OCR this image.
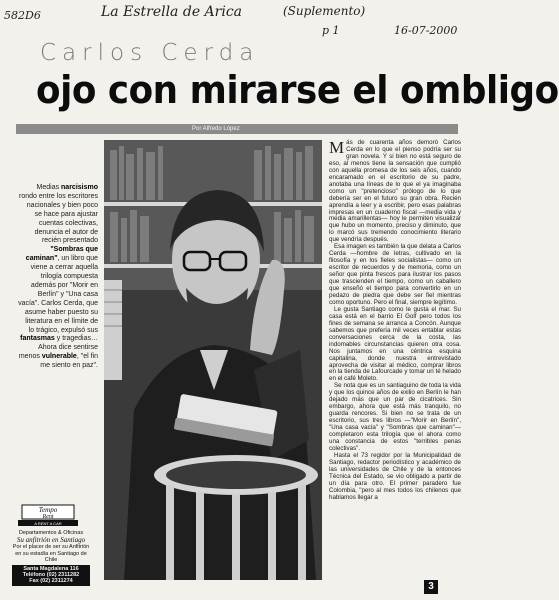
582D6	La Estrella de Arica	(Suplemento)
p 1	16-07-2000
Carlos Cerda
ojo con mirarse el ombligo
Por Alfredo López
Medias narcisismo rondo entre los escritores nacionales y bien poco se hace para ajustar cuentas colectivas, denuncia el autor de recién presentado "Sombras que caminan", un libro que viene a cerrar aquella trilogía compuesta además por "Morir en Berlín" y "Una casa vacía". Carlos Cerda, que asume haber puesto su literatura en el límite de lo trágico, expulsó sus fantasmas y tragedias… Ahora dice sentirse menos vulnerable, "el fin me siento en paz".
Tempo
Rent
A RENT A CAR
Departamentos & Oficinas
Su anfitrión en Santiago
Por el placer de ser su Anfitrión en su estadía en Santiago de Chile
Santa Magdalena 116
Teléfono (02) 2311282
Fax (02) 2311274

Más de cuarenta años demoró Carlos Cerda en lo que el pienso podría ser su gran novela. Y si bien no está seguro de eso, al menos tiene la sensación que cumplió con aquella promesa de los seis años, cuando encaramado en el escritorio de su padre, anotaba una líneas de lo que el ya imaginaba como un "pretencioso" prólogo de lo que debería ser en el futuro su gran obra. Recién aprendía a leer y a escribir, pero esas palabras impresas en un cuaderno fiscal —media vida y media amarillentas— hoy le permiten visualizar que hubo un momento, preciso y diminuto, que lo marcó sus tremendo conocimiento literario que vendría después.

Esa imagen es también la que delata a Carlos Cerda —hombre de letras, cultivado en la filosofía y en los fieles socialistas— como un escritor de recuerdos y de memoria, como un señor que pinta frescos para ilustrar los pasos que trascienden el tiempo, como un caballero que enseñó el tiempo para convertirlo en un pedazo de piedra que debe ser fiel mientras como oportuno. Pero el final, siempre legítimo.

Le gusta Santiago como le gusta el mar. Su casa está en el barrio El Golf pero todos los fines de semana se arranca a Concón. Aunque sabemos que prefería mil veces entablar estas conversaciones cerca de la costa, las indomables circunstancias quieren otra cosa. Nos juntamos en una céntrica esquina capitalina, donde nuestra entrevistado aprovecha de visitar al médico, comprar libros en la tienda de Lafourcade y tomar un té helado en el café Moleto.

Se nota que es un santiaguino de toda la vida y que los quince años de exilio en Berlín le han dejado más que un par de cicatrices. Sin embargo, ahora que está más tranquilo, no guarda rencores. Si bien no se trata de un escritorio, sus tres libros —"Morir en Berlín", "Una casa vacía" y "Sombras que caminan"— completaron esta trilogía que el ahora como una constancia de estos "terribles penas colectivas".

Hasta el 73 regidor por la Municipalidad de Santiago, redactor periodístico y académico de las universidades de Chile y de la entonces Técnica del Estado, se vio obligado a partir de un día para otro. El primer paradero fue Colombia, "pero al mes todos los chilenos que hablamos llegar a

3
